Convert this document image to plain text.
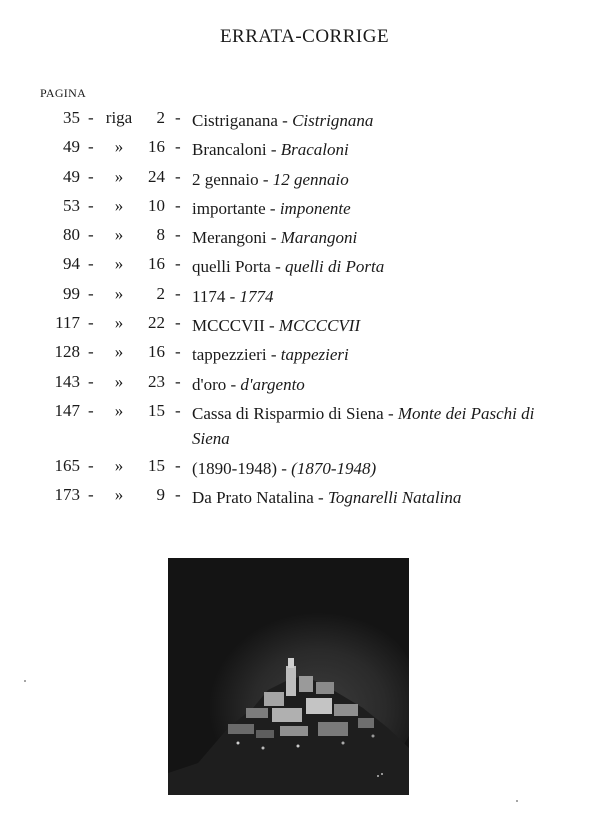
ERRATA-CORRIGE
PAGINA
35 - riga 2 - Cistriganana - Cistrignana
49 -	»	16 - Brancaloni - Bracaloni
49 -	»	24 - 2 gennaio - 12 gennaio
53 -	»	10 - importante - imponente
80 -	»	8 - Merangoni - Marangoni
94 -	»	16 - quelli Porta - quelli di Porta
99 -	»	2 - 1174 - 1774
117 -	»	22 - MCCCVII - MCCCCVII
128 -	»	16 - tappezzieri - tappezieri
143 -	»	23 - d'oro - d'argento
147 -	»	15 - Cassa di Risparmio di Siena - Monte dei Paschi di Siena
165 -	»	15 - (1890-1948) - (1870-1948)
173 -	»	9 - Da Prato Natalina - Tognarelli Natalina
